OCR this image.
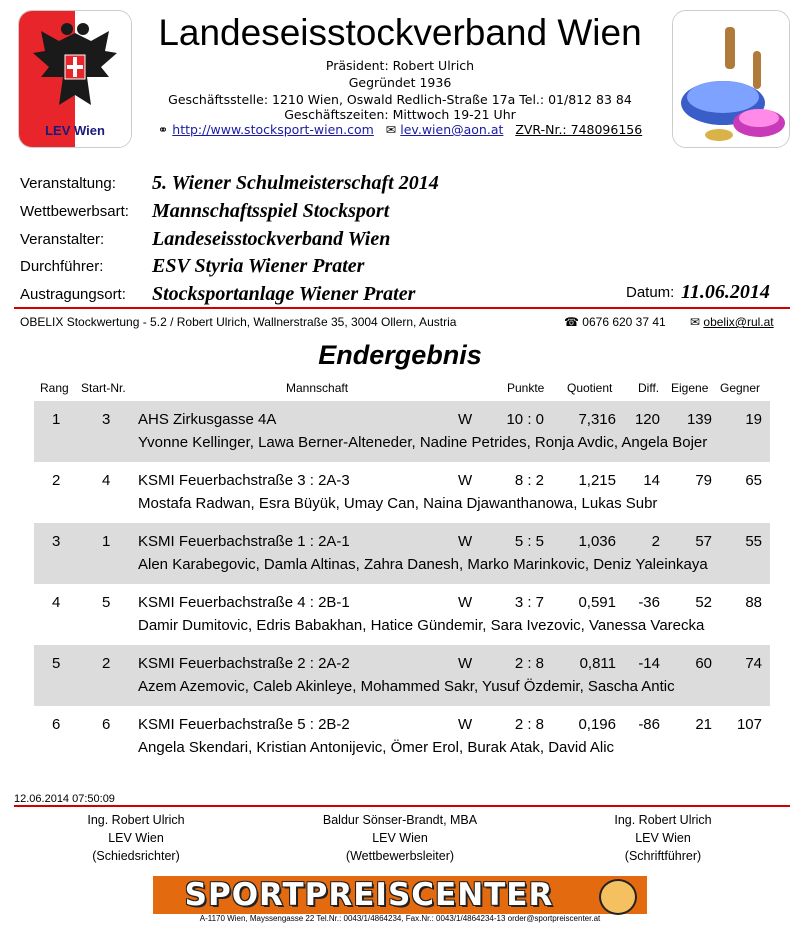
LEV Wien
Landeseisstockverband Wien
Präsident: Robert Ulrich
Gegründet 1936
Geschäftsstelle: 1210 Wien, Oswald Redlich-Straße 17a Tel.: 01/812 83 84
Geschäftszeiten: Mittwoch 19-21 Uhr
⚭ http://www.stocksport-wien.com ✉ lev.wien@aon.at ZVR-Nr.: 748096156
Veranstaltung: 5. Wiener Schulmeisterschaft 2014
Wettbewerbsart: Mannschaftsspiel Stocksport
Veranstalter: Landeseisstockverband Wien
Durchführer: ESV Styria Wiener Prater
Austragungsort: Stocksportanlage Wiener Prater	Datum: 11.06.2014
OBELIX Stockwertung - 5.2 / Robert Ulrich, Wallnerstraße 35, 3004 Ollern, Austria	☎ 0676 620 37 41 ✉ obelix@rul.at
Endergebnis
Rang Start-Nr.	Mannschaft	Punkte Quotient Diff. Eigene Gegner
1	3 AHS Zirkusgasse 4A	W	10 : 0	7,316	120	139	19
Yvonne Kellinger, Lawa Berner-Alteneder, Nadine Petrides, Ronja Avdic, Angela Bojer
2	4 KSMI Feuerbachstraße 3 : 2A-3	W	8 : 2	1,215	14	79	65
Mostafa Radwan, Esra Büyük, Umay Can, Naina Djawanthanowa, Lukas Subr
3	1 KSMI Feuerbachstraße 1 : 2A-1	W	5 : 5	1,036	2	57	55
Alen Karabegovic, Damla Altinas, Zahra Danesh, Marko Marinkovic, Deniz Yaleinkaya
4	5 KSMI Feuerbachstraße 4 : 2B-1	W	3 : 7	0,591	-36	52	88
Damir Dumitovic, Edris Babakhan, Hatice Gündemir, Sara Ivezovic, Vanessa Varecka
5	2 KSMI Feuerbachstraße 2 : 2A-2	W	2 : 8	0,811	-14	60	74
Azem Azemovic, Caleb Akinleye, Mohammed Sakr, Yusuf Özdemir, Sascha Antic
6	6 KSMI Feuerbachstraße 5 : 2B-2	W	2 : 8	0,196	-86	21	107
Angela Skendari, Kristian Antonijevic, Ömer Erol, Burak Atak, David Alic
12.06.2014 07:50:09
Ing. Robert Ulrich
LEV Wien
(Schiedsrichter)
Baldur Sönser-Brandt, MBA
LEV Wien
(Wettbewerbsleiter)
Ing. Robert Ulrich
LEV Wien
(Schriftführer)
SPORTPREISCENTER
A-1170 Wien, Mayssengasse 22 Tel.Nr.: 0043/1/4864234, Fax.Nr.: 0043/1/4864234-13 order@sportpreiscenter.at
